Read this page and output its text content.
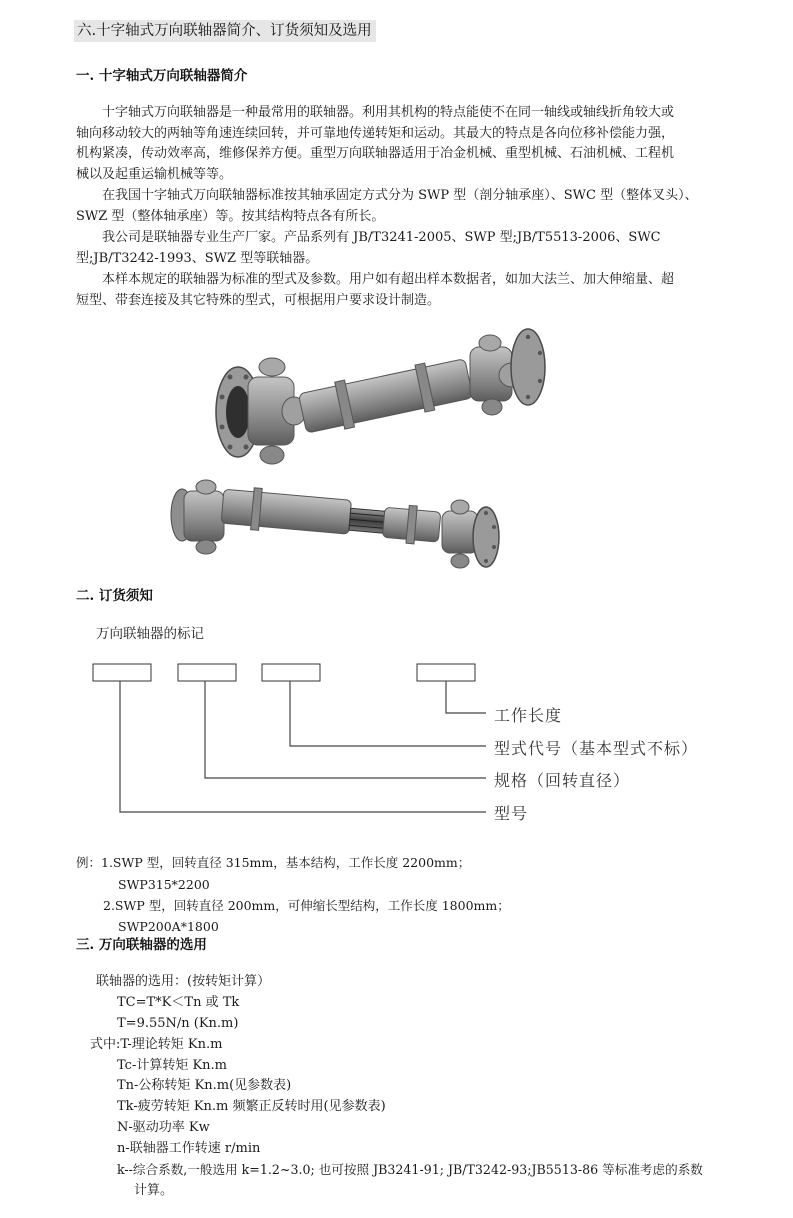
六.十字轴式万向联轴器简介、订货须知及选用
一. 十字轴式万向联轴器简介
十字轴式万向联轴器是一种最常用的联轴器。利用其机构的特点能使不在同一轴线或轴线折角较大或
轴向移动较大的两轴等角速连续回转，并可靠地传递转矩和运动。其最大的特点是各向位移补偿能力强，
机构紧凑，传动效率高，维修保养方便。重型万向联轴器适用于冶金机械、重型机械、石油机械、工程机
械以及起重运输机械等等。
在我国十字轴式万向联轴器标准按其轴承固定方式分为 SWP 型（剖分轴承座）、SWC 型（整体叉头）、
SWZ 型（整体轴承座）等。按其结构特点各有所长。
我公司是联轴器专业生产厂家。产品系列有 JB/T3241-2005、SWP 型;JB/T5513-2006、SWC
型;JB/T3242-1993、SWZ 型等联轴器。
本样本规定的联轴器为标准的型式及参数。用户如有超出样本数据者，如加大法兰、加大伸缩量、超
短型、带套连接及其它特殊的型式，可根据用户要求设计制造。
二. 订货须知
万向联轴器的标记
工作长度
型式代号（基本型式不标）
规格（回转直径）
型号
例：1.SWP 型，回转直径 315mm，基本结构，工作长度 2200mm；
SWP315*2200
2.SWP 型，回转直径 200mm，可伸缩长型结构，工作长度 1800mm；
SWP200A*1800
三. 万向联轴器的选用
联轴器的选用：(按转矩计算）
TC=T*K＜Tn 或 Tk
T=9.55N/n (Kn.m)
式中:T-理论转矩 Kn.m
Tc-计算转矩 Kn.m
Tn-公称转矩 Kn.m(见参数表)
Tk-疲劳转矩 Kn.m 频繁正反转时用(见参数表)
N-驱动功率 Kw
n-联轴器工作转速 r/min
k--综合系数,一般选用 k=1.2~3.0; 也可按照 JB3241-91; JB/T3242-93;JB5513-86 等标准考虑的系数
计算。
